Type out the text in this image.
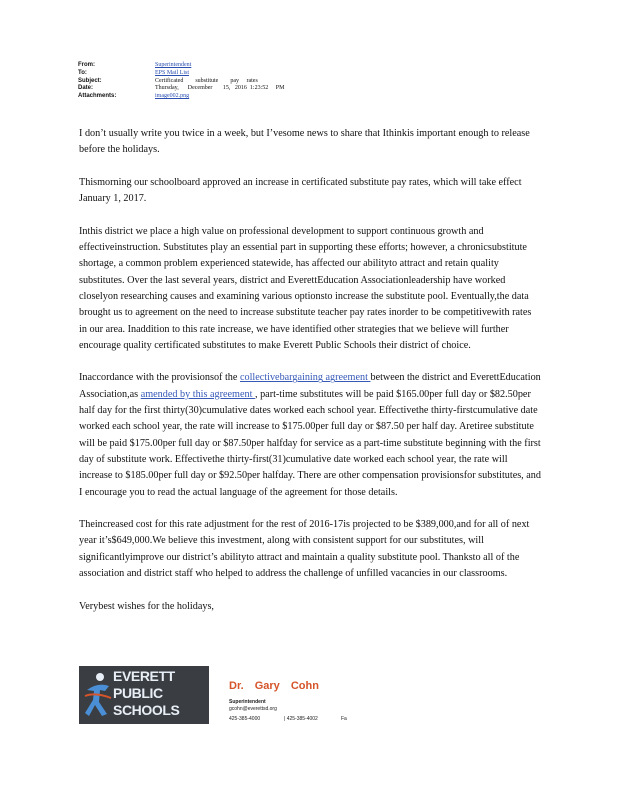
From:	Superintendent
To:	EPS Mail List
Subject:	Certificated        substitute        pay     rates
Date:	Thursday,      December       15,   2016  1:23:52     PM
Attachments:	image002.png

I don’t usually write you twice in a week, but I’vesome news to share that Ithinkis important enough to release before the holidays.

Thismorning our schoolboard approved an increase in certificated substitute pay rates, which will take effect January 1, 2017.

Inthis district we place a high value on professional development to support continuous growth and effectiveinstruction. Substitutes play an essential part in supporting these efforts; however, a chronicsubstitute shortage, a common problem experienced statewide, has affected our abilityto attract and retain quality substitutes. Over the last several years, district and EverettEducation Associationleadership have worked closelyon researching causes and examining various optionsto increase the substitute pool. Eventually,the data brought us to agreement on the need to increase substitute teacher pay rates inorder to be competitivewith rates in our area. Inaddition to this rate increase, we have identified other strategies that we believe will further encourage quality certificated substitutes to make Everett Public Schools their district of choice.

Inaccordance with the provisionsof the collectivebargaining agreement between the district and EverettEducation Association,as amended by this agreement , part-time substitutes will be paid $165.00per full day or $82.50per half day for the first thirty(30)cumulative dates worked each school year. Effectivethe thirty-firstcumulative date worked each school year, the rate will increase to $175.00per full day or $87.50 per half day. Aretiree substitute will be paid $175.00per full day or $87.50per halfday for service as a part-time substitute beginning with the first day of substitute work. Effectivethe thirty-first(31)cumulative date worked each school year, the rate will increase to $185.00per full day or $92.50per halfday. There are other compensation provisionsfor substitutes, and I encourage you to read the actual language of the agreement for those details.

Theincreased cost for this rate adjustment for the rest of 2016-17is projected to be $389,000,and for all of next year it’s$649,000.We believe this investment, along with consistent support for our substitutes, will significantlyimprove our district’s abilityto attract and maintain a quality substitute pool. Thanksto all of the association and district staff who helped to address the challenge of unfilled vacancies in our classrooms.

Verybest wishes for the holidays,

EVERETT
PUBLIC
SCHOOLS
Dr. Gary Cohn
Superintendent
gcohn@everettsd.org
425-385-4000	| 425-385-4002	Fa
